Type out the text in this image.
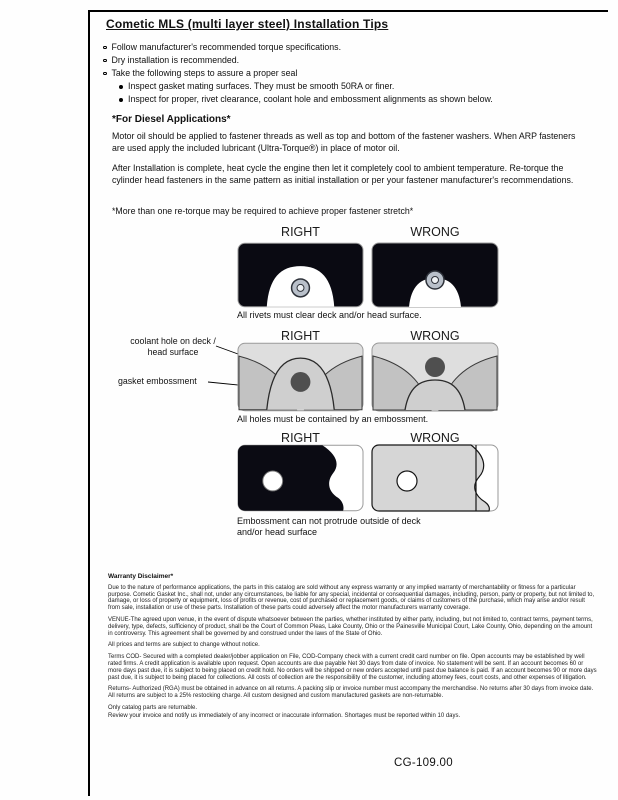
Cometic MLS (multi layer steel) Installation Tips
Follow manufacturer's recommended torque specifications.
Dry installation is recommended.
Take the following steps to assure a proper seal
Inspect gasket mating surfaces. They must be smooth 50RA or finer.
Inspect for proper, rivet clearance, coolant hole and embossment alignments as shown below.
*For Diesel Applications*

Motor oil should be applied to fastener threads as well as top and bottom of the fastener washers. When ARP fasteners are used apply the included lubricant (Ultra-Torque®) in place of motor oil.

After Installation is complete, heat cycle the engine then let it completely cool to ambient temperature. Re-torque the cylinder head fasteners in the same pattern as initial installation or per your fastener manufacturer's recommendations.

*More than one re-torque may be required to achieve proper fastener stretch*

RIGHT	WRONG
All rivets must clear deck and/or head surface.
RIGHT	WRONG
coolant hole on deck / head surface
gasket embossment
All holes must be contained by an embossment.
RIGHT	WRONG
Embossment can not protrude outside of deck and/or head surface
Warranty Disclaimer*
Due to the nature of performance applications, the parts in this catalog are sold without any express warranty or any implied warranty of merchantability or fitness for a particular purpose. Cometic Gasket Inc., shall not, under any circumstances, be liable for any special, incidental or consequential damages, including, person, party or property, but not limited to, damage, or loss of property or equipment, loss of profits or revenue, cost of purchased or replacement goods, or claims of customers of the purchase, which may arise and/or result from sale, installation or use of these parts. Installation of these parts could adversely affect the motor manufacturers warranty coverage.
VENUE-The agreed upon venue, in the event of dispute whatsoever between the parties, whether instituted by either party, including, but not limited to, contract terms, payment terms, delivery, type, defects, sufficiency of product, shall be the Court of Common Pleas, Lake County, Ohio or the Painesville Municipal Court, Lake County, Ohio, depending on the amount in controversy. This agreement shall be governed by and construed under the laws of the State of Ohio.
All prices and terms are subject to change without notice.
Terms COD- Secured with a completed dealer/jobber application on File, COD-Company check with a current credit card number on file. Open accounts may be established by well rated firms. A credit application is available upon request. Open accounts are due payable Net 30 days from date of invoice. No statement will be sent. If an account becomes 60 or more days past due, it is subject to being placed on credit hold. No orders will be shipped or new orders accepted until past due balance is paid. If an account becomes 90 or more days past due, it is subject to being placed for collections. All costs of collection are the responsibility of the customer, including attorney fees, court costs, and other expenses of litigation.
Returns- Authorized (RGA) must be obtained in advance on all returns. A packing slip or invoice number must accompany the merchandise. No returns after 30 days from invoice date. All returns are subject to a 25% restocking charge. All custom designed and custom manufactured gaskets are non-returnable.
Only catalog parts are returnable.
Review your invoice and notify us immediately of any incorrect or inaccurate information. Shortages must be reported within 10 days.
CG-109.00
